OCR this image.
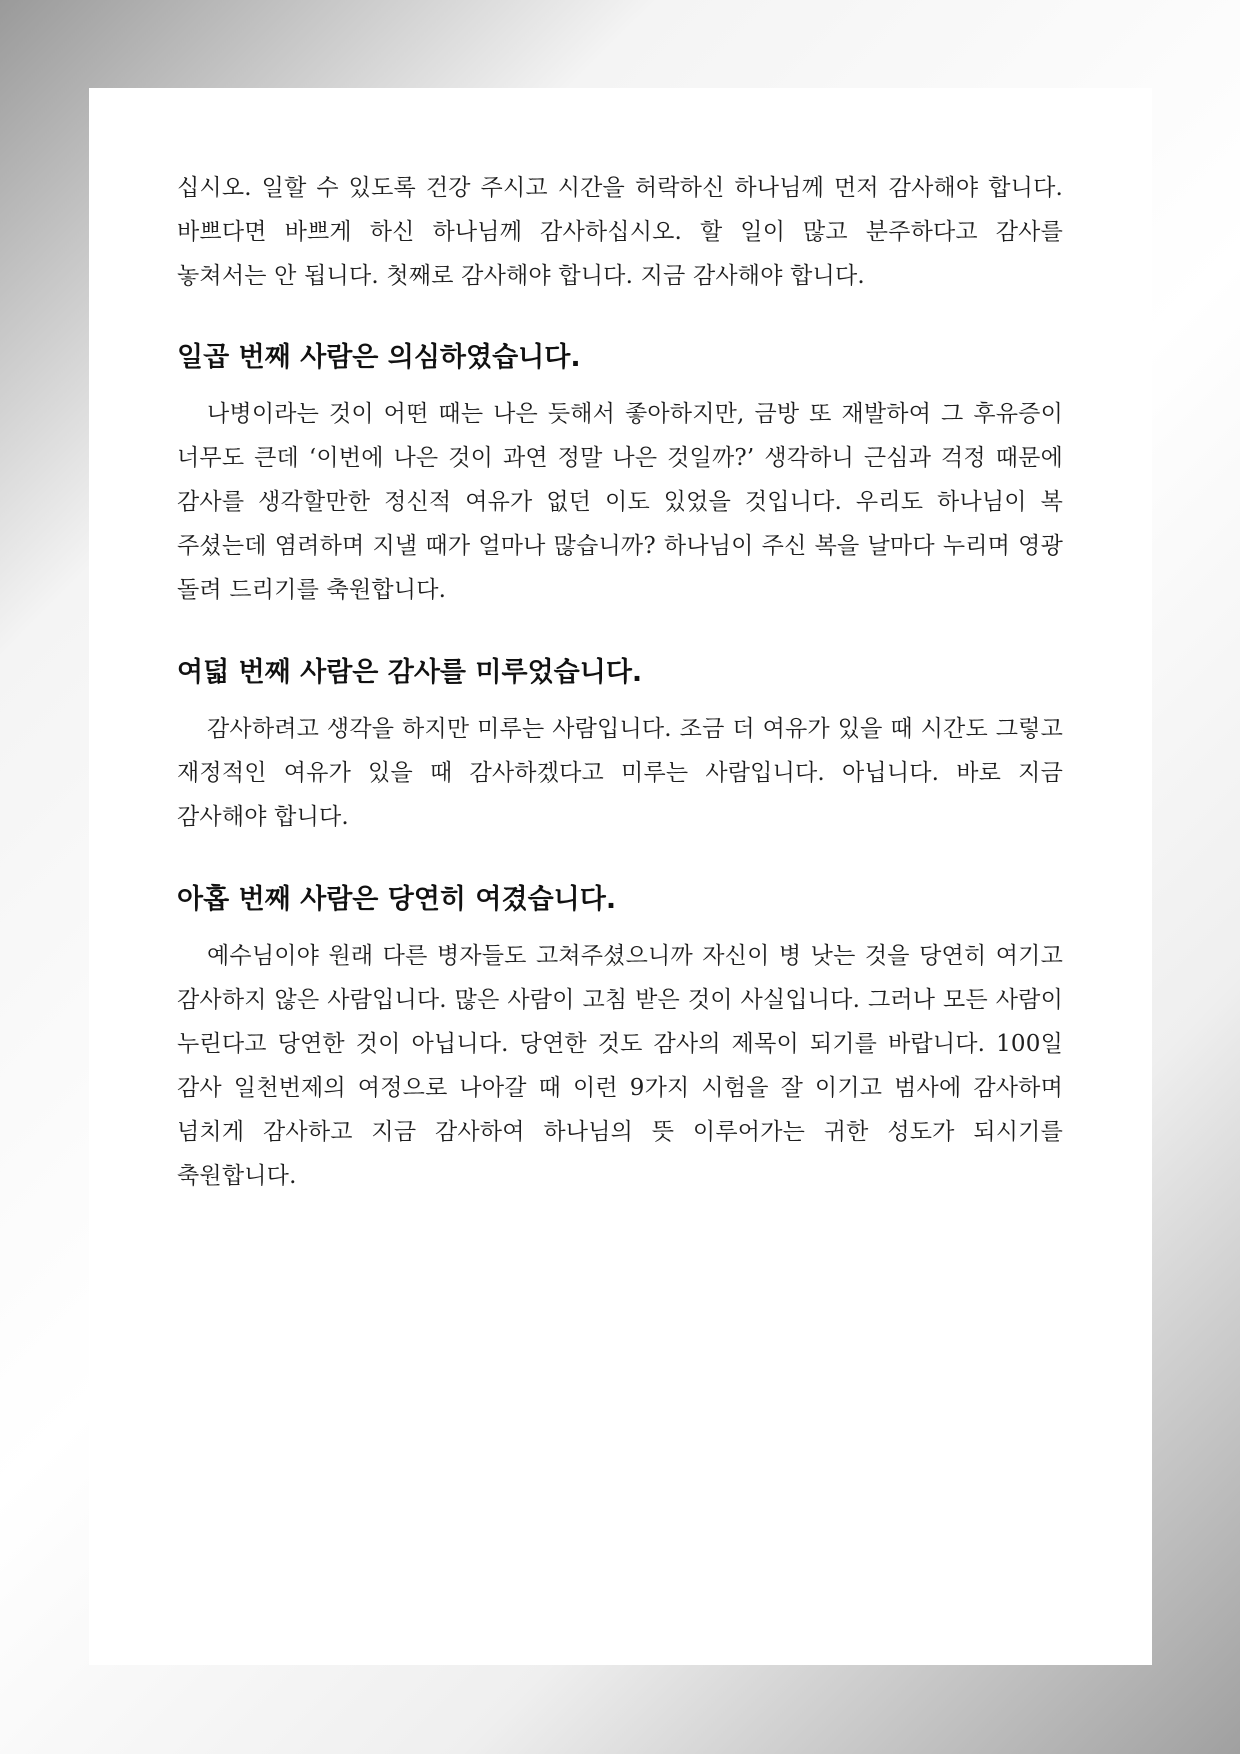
십시오. 일할 수 있도록 건강 주시고 시간을 허락하신 하나님께 먼저 감사해야 합니다. 바쁘다면 바쁘게 하신 하나님께 감사하십시오. 할 일이 많고 분주하다고 감사를 놓쳐서는 안 됩니다. 첫째로 감사해야 합니다. 지금 감사해야 합니다.

일곱 번째 사람은 의심하였습니다.

나병이라는 것이 어떤 때는 나은 듯해서 좋아하지만, 금방 또 재발하여 그 후유증이 너무도 큰데 ‘이번에 나은 것이 과연 정말 나은 것일까?’ 생각하니 근심과 걱정 때문에 감사를 생각할만한 정신적 여유가 없던 이도 있었을 것입니다. 우리도 하나님이 복 주셨는데 염려하며 지낼 때가 얼마나 많습니까? 하나님이 주신 복을 날마다 누리며 영광 돌려 드리기를 축원합니다.

여덟 번째 사람은 감사를 미루었습니다.

감사하려고 생각을 하지만 미루는 사람입니다. 조금 더 여유가 있을 때 시간도 그렇고 재정적인 여유가 있을 때 감사하겠다고 미루는 사람입니다. 아닙니다. 바로 지금 감사해야 합니다.

아홉 번째 사람은 당연히 여겼습니다.

예수님이야 원래 다른 병자들도 고쳐주셨으니까 자신이 병 낫는 것을 당연히 여기고 감사하지 않은 사람입니다. 많은 사람이 고침 받은 것이 사실입니다. 그러나 모든 사람이 누린다고 당연한 것이 아닙니다. 당연한 것도 감사의 제목이 되기를 바랍니다. 100일 감사 일천번제의 여정으로 나아갈 때 이런 9가지 시험을 잘 이기고 범사에 감사하며 넘치게 감사하고 지금 감사하여 하나님의 뜻 이루어가는 귀한 성도가 되시기를 축원합니다.
